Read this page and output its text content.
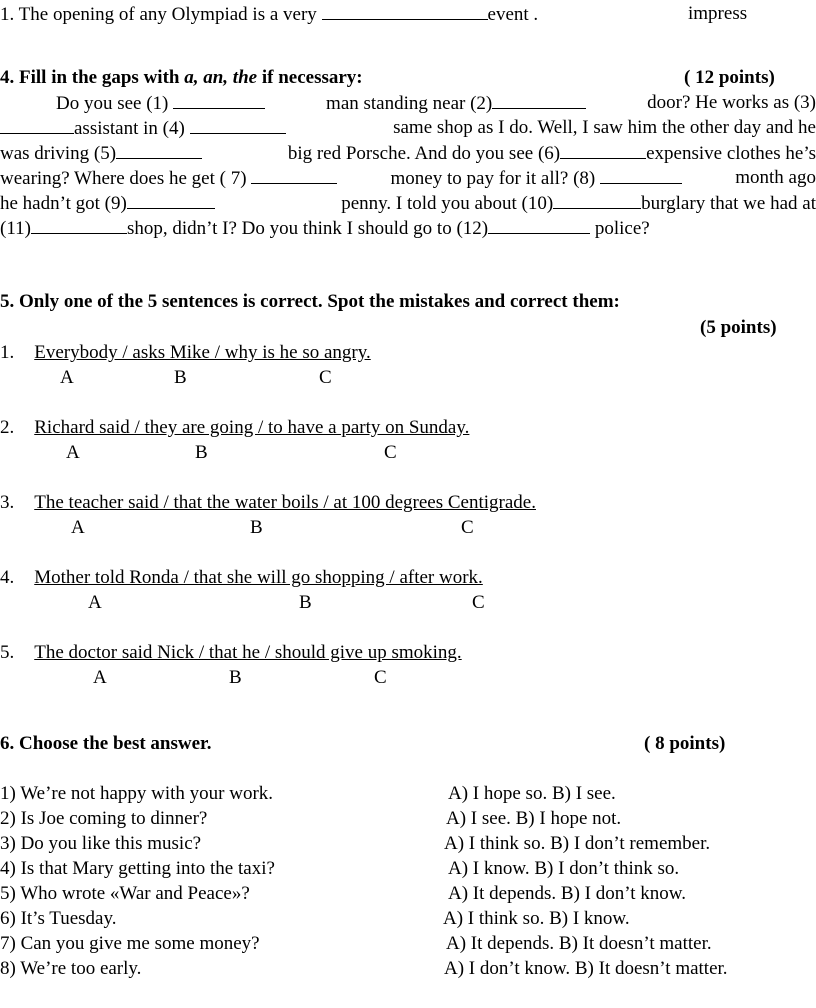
1. The opening of any Olympiad is a very	event .	impress
4. Fill in the gaps with a, an, the if necessary:	( 12 points)
Do you see (1)	man standing near (2)	door? He works as (3)
assistant in (4)	same shop as I do. Well, I saw him the other day and he
was driving (5)	big red Porsche. And do you see (6)	expensive clothes he’s
wearing? Where does he get ( 7)	money to pay for it all? (8)	month ago
he hadn’t got (9)	penny. I told you about (10)	burglary that we had at
(11)	shop, didn’t I? Do you think I should go to (12)	police?
5. Only one of the 5 sentences is correct. Spot the mistakes and correct them:
(5 points)
1. Everybody / asks Mike / why is he so angry.
A	B	C
2. Richard said / they are going / to have a party on Sunday.
A	B	C
3. The teacher said / that the water boils / at 100 degrees Centigrade.
A	B	C
4. Mother told Ronda / that she will go shopping / after work.
A	B	C
5. The doctor said Nick / that he / should give up smoking.
A	B	C
6. Choose the best answer.	( 8 points)
1) We’re not happy with your work.	A) I hope so. B) I see.
2) Is Joe coming to dinner?	A) I see. B) I hope not.
3) Do you like this music?	A) I think so. B) I don’t remember.
4) Is that Mary getting into the taxi?	A) I know. B) I don’t think so.
5) Who wrote «War and Peace»?	A) It depends. B) I don’t know.
6) It’s Tuesday.	A) I think so. B) I know.
7) Can you give me some money?	A) It depends. B) It doesn’t matter.
8) We’re too early.	A) I don’t know. B) It doesn’t matter.
